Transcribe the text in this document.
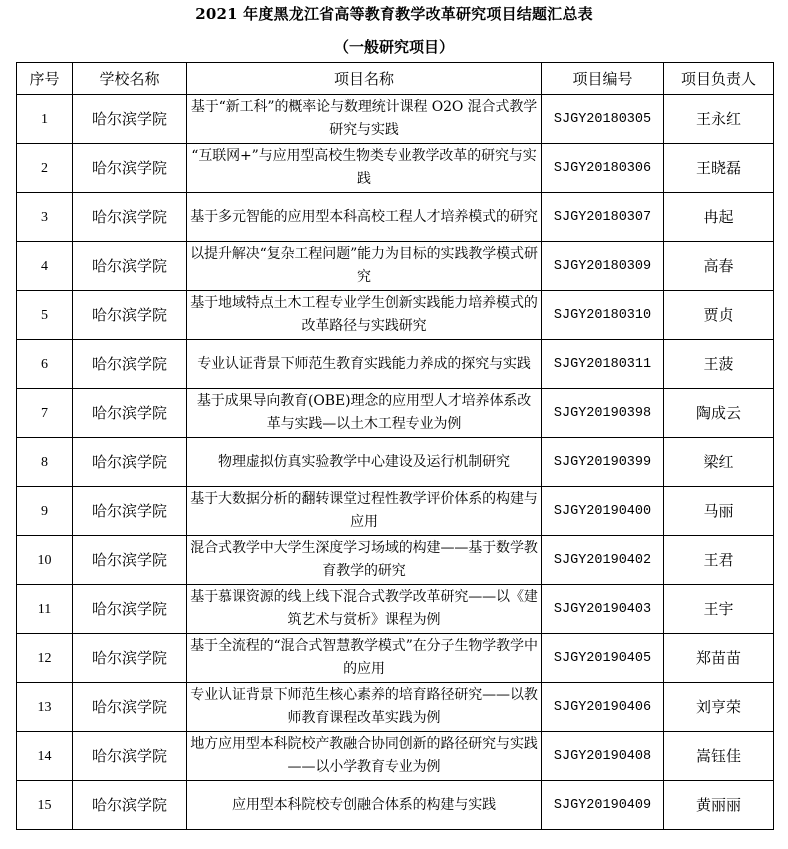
2021 年度黑龙江省高等教育教学改革研究项目结题汇总表
（一般研究项目）
序号	学校名称	项目名称	项目编号	项目负责人
1	哈尔滨学院	基于“新工科”的概率论与数理统计课程 O2O 混合式教学研究与实践	SJGY20180305	王永红
2	哈尔滨学院	“互联网+”与应用型高校生物类专业教学改革的研究与实践	SJGY20180306	王晓磊
3	哈尔滨学院	基于多元智能的应用型本科高校工程人才培养模式的研究	SJGY20180307	冉起
4	哈尔滨学院	以提升解决“复杂工程问题”能力为目标的实践教学模式研究	SJGY20180309	高春
5	哈尔滨学院	基于地域特点土木工程专业学生创新实践能力培养模式的改革路径与实践研究	SJGY20180310	贾贞
6	哈尔滨学院	专业认证背景下师范生教育实践能力养成的探究与实践	SJGY20180311	王菠
7	哈尔滨学院	基于成果导向教育(OBE)理念的应用型人才培养体系改革与实践—以土木工程专业为例	SJGY20190398	陶成云
8	哈尔滨学院	物理虚拟仿真实验教学中心建设及运行机制研究	SJGY20190399	梁红
9	哈尔滨学院	基于大数据分析的翻转课堂过程性教学评价体系的构建与应用	SJGY20190400	马丽
10	哈尔滨学院	混合式教学中大学生深度学习场域的构建——基于数学教育教学的研究	SJGY20190402	王君
11	哈尔滨学院	基于慕课资源的线上线下混合式教学改革研究——以《建筑艺术与赏析》课程为例	SJGY20190403	王宇
12	哈尔滨学院	基于全流程的“混合式智慧教学模式”在分子生物学教学中的应用	SJGY20190405	郑苗苗
13	哈尔滨学院	专业认证背景下师范生核心素养的培育路径研究——以教师教育课程改革实践为例	SJGY20190406	刘亨荣
14	哈尔滨学院	地方应用型本科院校产教融合协同创新的路径研究与实践——以小学教育专业为例	SJGY20190408	嵩钰佳
15	哈尔滨学院	应用型本科院校专创融合体系的构建与实践	SJGY20190409	黄丽丽
